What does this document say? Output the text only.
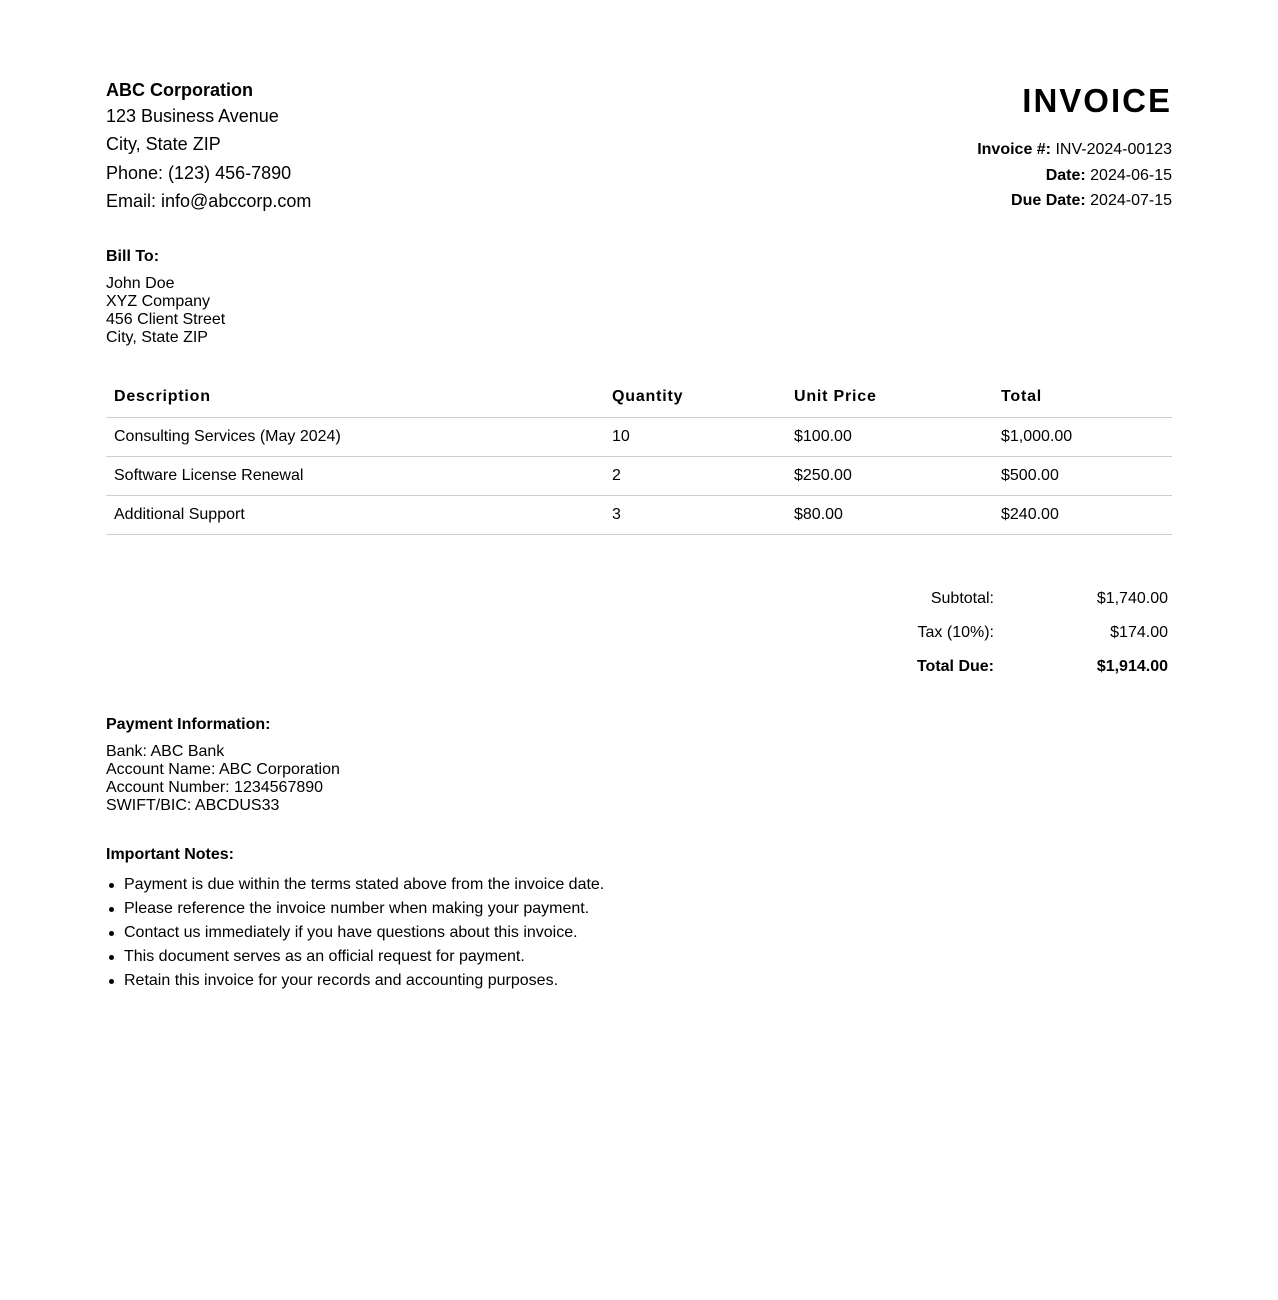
ABC Corporation
123 Business Avenue
City, State ZIP
Phone: (123) 456-7890
Email: info@abccorp.com
INVOICE
Invoice #: INV-2024-00123
Date: 2024-06-15
Due Date: 2024-07-15
Bill To:
John Doe
XYZ Company
456 Client Street
City, State ZIP
Description	Quantity	Unit Price	Total
Consulting Services (May 2024)	10	$100.00	$1,000.00
Software License Renewal	2	$250.00	$500.00
Additional Support	3	$80.00	$240.00
Subtotal:	$1,740.00
Tax (10%):	$174.00
Total Due:	$1,914.00
Payment Information:
Bank: ABC Bank
Account Name: ABC Corporation
Account Number: 1234567890
SWIFT/BIC: ABCDUS33
Important Notes:
Payment is due within the terms stated above from the invoice date.
Please reference the invoice number when making your payment.
Contact us immediately if you have questions about this invoice.
This document serves as an official request for payment.
Retain this invoice for your records and accounting purposes.
